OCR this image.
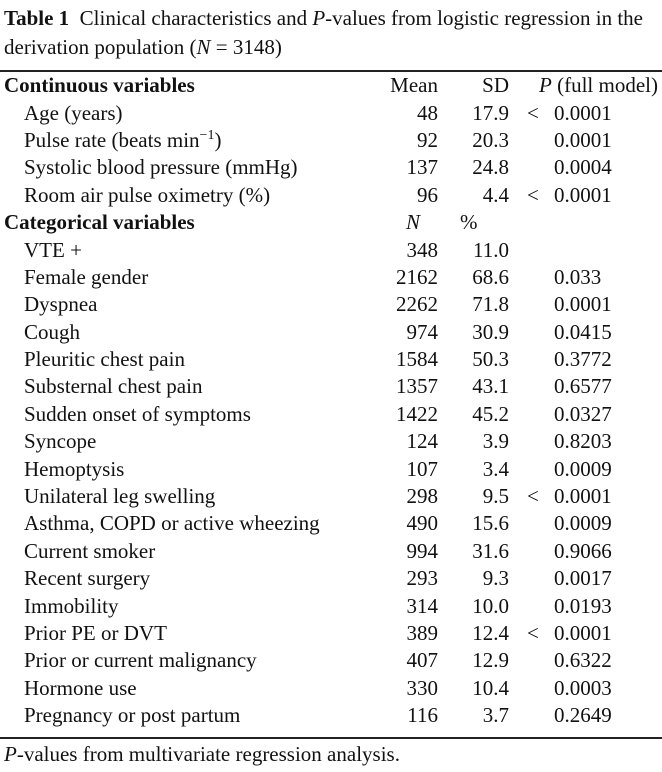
Table 1 Clinical characteristics and P-values from logistic regression in the derivation population (N = 3148)
Continuous variables	Mean	SD	P (full model)
Age (years)	48	17.9	< 0.0001

Pulse rate (beats $\min^{-1}$)	92	20.3	0.0001

Systolic blood pressure (mmHg)	137	24.8	0.0004

Room air pulse oximetry (%)	96	4.4	< 0.0001

Categorical variables	N	%	
VTE +	348	11.0	
Female gender	2162	68.6	0.033

Dyspnea	2262	71.8	0.0001

Cough	974	30.9	0.0415

Pleuritic chest pain	1584	50.3	0.3772

Substernal chest pain	1357	43.1	0.6577

Sudden onset of symptoms	1422	45.2	0.0327

Syncope	124	3.9	0.8203

Hemoptysis	107	3.4	0.0009

Unilateral leg swelling	298	9.5	< 0.0001

Asthma, COPD or active wheezing	490	15.6	0.0009

Current smoker	994	31.6	0.9066

Recent surgery	293	9.3	0.0017

Immobility	314	10.0	0.0193

Prior PE or DVT	389	12.4	< 0.0001

Prior or current malignancy	407	12.9	0.6322

Hormone use	330	10.4	0.0003

Pregnancy or post partum	116	3.7	0.2649

P-values from multivariate regression analysis.
